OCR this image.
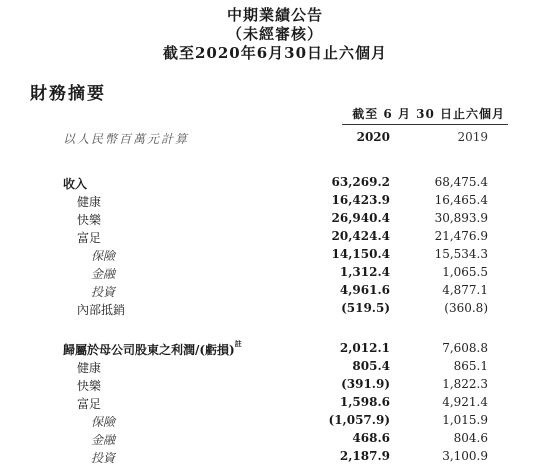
中期業績公告
（未經審核）
截至2020年6月30日止六個月
財務摘要
截至 6 月 30 日止六個月
以人民幣百萬元計算	2020	2019
收入	63,269.2	68,475.4
健康	16,423.9	16,465.4
快樂	26,940.4	30,893.9
富足	20,424.4	21,476.9
保險	14,150.4	15,534.3
金融	1,312.4	1,065.5
投資	4,961.6	4,877.1
內部抵銷	(519.5)	(360.8)
歸屬於母公司股東之利潤/(虧損)$^註$	2,012.1	7,608.8
健康	805.4	865.1
快樂	(391.9)	1,822.3
富足	1,598.6	4,921.4
保險	(1,057.9)	1,015.9
金融	468.6	804.6
投資	2,187.9	3,100.9
